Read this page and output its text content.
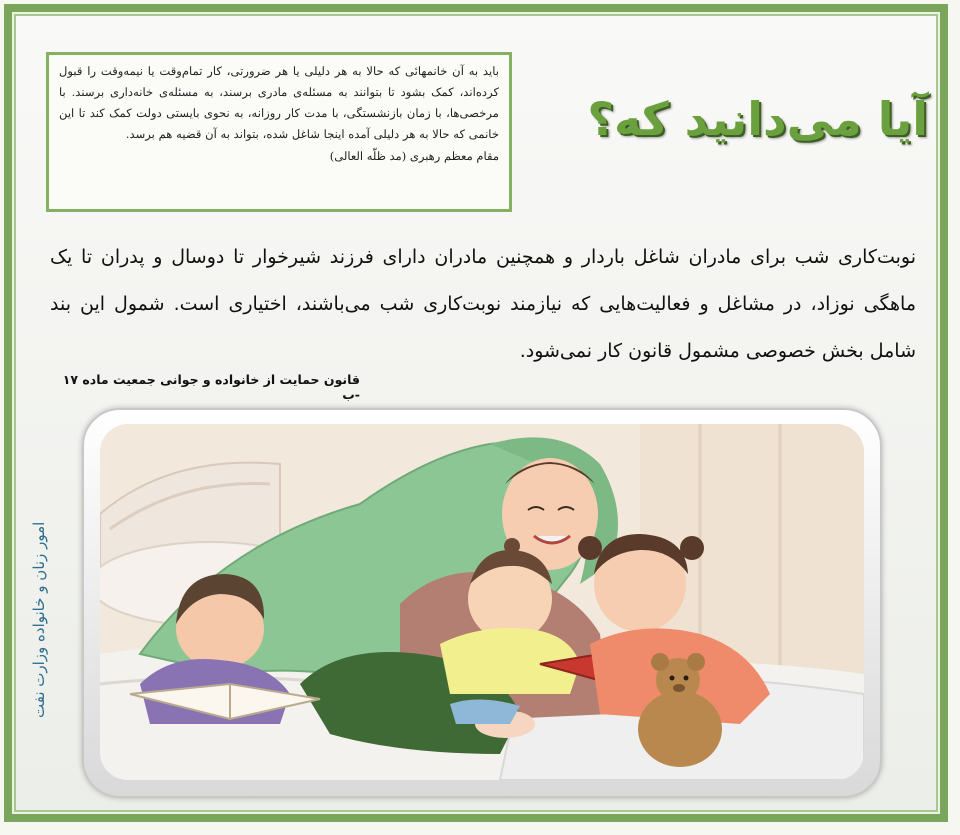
باید به آن خانمهائی که حالا به هر دلیلی یا هر ضرورتی، کار تمام‌وقت یا نیمه‌وقت را قبول کرده‌اند، کمک بشود تا بتوانند به مسئله‌ی مادری برسند، به مسئله‌ی خانه‌داری برسند. با مرخصی‌ها، با زمان بازنشستگی، با مدت کار روزانه، به نحوی بایستی دولت کمک کند تا این خانمی که حالا به هر دلیلی آمده اینجا شاغل شده، بتواند به آن قضیه هم برسد.
مقام معظم رهبری (مد ظلّه العالی)
آیا می‌دانید که؟
نوبت‌کاری شب برای مادران شاغل باردار و همچنین مادران دارای فرزند شیرخوار تا دوسال و پدران تا یک ماهگی نوزاد، در مشاغل و فعالیت‌هایی که نیازمند نوبت‌کاری شب می‌باشند، اختیاری است. شمول این بند شامل بخش خصوصی مشمول قانون کار نمی‌شود.
قانون حمایت از خانواده و جوانی جمعیت ماده ۱۷ -ب
امور زنان و خانواده وزارت نفت
